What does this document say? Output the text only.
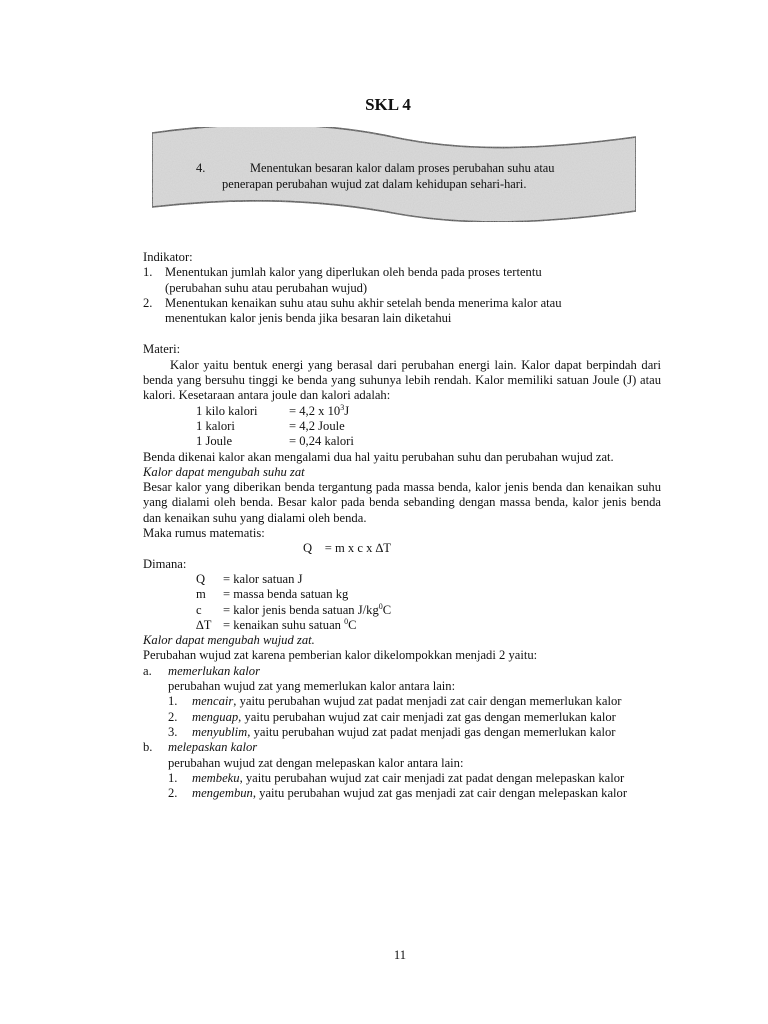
SKL 4
4.	Menentukan besaran kalor dalam proses perubahan suhu atau
penerapan perubahan wujud zat dalam kehidupan sehari-hari.

Indikator:

1. Menentukan jumlah kalor yang diperlukan oleh benda pada proses tertentu
(perubahan suhu atau perubahan wujud)
2. Menentukan kenaikan suhu atau suhu akhir setelah benda menerima kalor atau
menentukan kalor jenis benda jika besaran lain diketahui

Materi:

Kalor yaitu bentuk energi yang berasal dari perubahan energi lain. Kalor dapat berpindah dari benda yang bersuhu tinggi ke benda yang suhunya lebih rendah. Kalor memiliki satuan Joule (J) atau kalori. Kesetaraan antara joule dan kalori adalah:

1 kilo kalori = 4,2 x $10^3J$
1 kalori	= 4,2 Joule
1 Joule	= 0,24 kalori

Benda dikenai kalor akan mengalami dua hal yaitu perubahan suhu dan perubahan wujud zat.

Kalor dapat mengubah suhu zat

Besar kalor yang diberikan benda tergantung pada massa benda, kalor jenis benda dan kenaikan suhu yang dialami oleh benda. Besar kalor pada benda sebanding dengan massa benda, kalor jenis benda dan kenaikan suhu yang dialami oleh benda.

Maka rumus matematis:

Q    = m x c x ∆T

Dimana:

Q = kalor satuan J
m = massa benda satuan kg
c = kalor jenis benda satuan $J/kg^0C$
∆T = kenaikan suhu satuan $^0$C

Kalor dapat mengubah wujud zat.

Perubahan wujud zat karena pemberian kalor dikelompokkan menjadi 2 yaitu:

a.	memerlukan kalor

perubahan wujud zat yang memerlukan kalor antara lain:

1.	mencair, yaitu perubahan wujud zat padat menjadi zat cair dengan memerlukan kalor
2.	menguap, yaitu perubahan wujud zat cair menjadi zat gas dengan memerlukan kalor
3.	menyublim, yaitu perubahan wujud zat padat menjadi gas dengan memerlukan kalor
b.	melepaskan kalor

perubahan wujud zat dengan melepaskan kalor antara lain:

1.	membeku, yaitu perubahan wujud zat cair menjadi zat padat dengan melepaskan kalor
2.	mengembun, yaitu perubahan wujud zat gas menjadi zat cair dengan melepaskan kalor
11
